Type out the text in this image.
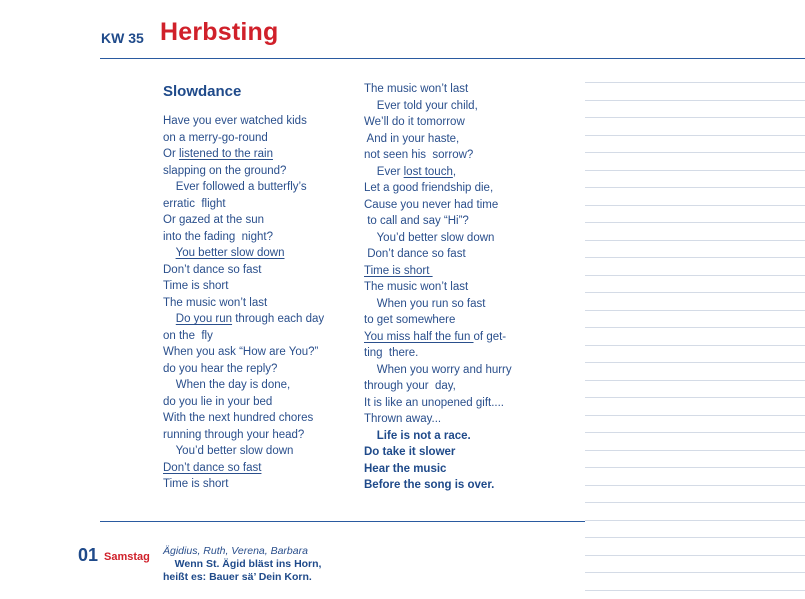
KW 35 Herbsting
Slowdance
Have you ever watched kids
on a merry-go-round
Or listened to the rain
slapping on the ground?
Ever followed a butterfly’s
erratic  flight
Or gazed at the sun
into the fading  night?
You better slow down
Don’t dance so fast
Time is short
The music won’t last
Do you run through each day
on the  fly
When you ask “How are You?”
do you hear the reply?
When the day is done,
do you lie in your bed
With the next hundred chores
running through your head?
You’d better slow down
Don’t dance so fast
Time is short
The music won’t last
Ever told your child,
We’ll do it tomorrow
And in your haste,
not seen his  sorrow?
Ever lost touch,
Let a good friendship die,
Cause you never had time
to call and say “Hi”?
You’d better slow down
Don’t dance so fast
Time is short
The music won’t last
When you run so fast
to get somewhere
You miss half the fun of get-
ting  there.
When you worry and hurry
through your  day,
It is like an unopened gift....
Thrown away...
Life is not a race.
Do take it slower
Hear the music
Before the song is over.
01 Samstag Ägidius, Ruth, Verena, Barbara
Wenn St. Ägid bläst ins Horn,
heißt es: Bauer sä’ Dein Korn.
